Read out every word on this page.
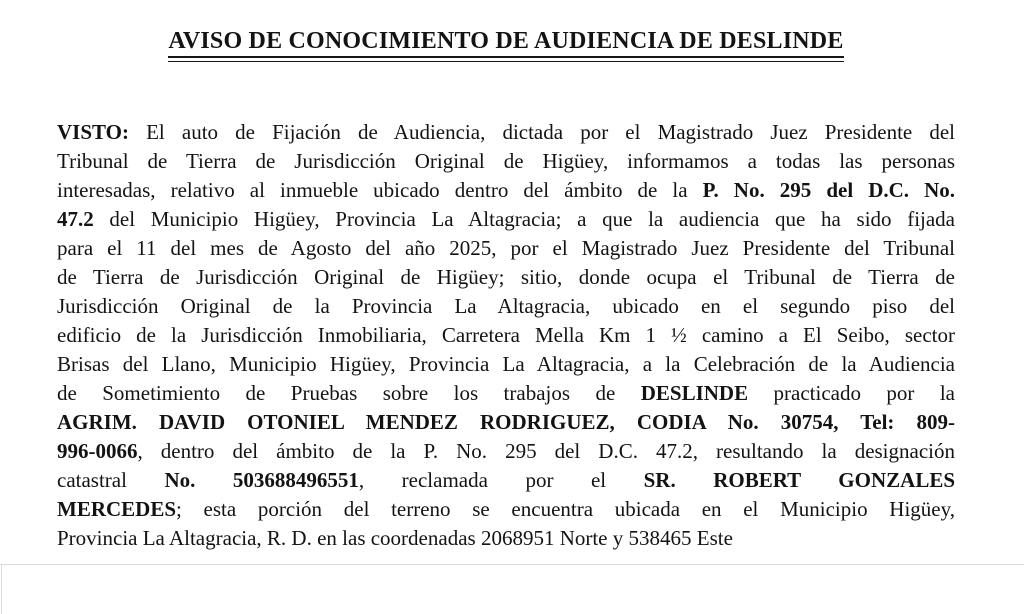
AVISO DE CONOCIMIENTO DE AUDIENCIA DE DESLINDE
VISTO: El auto de Fijación de Audiencia, dictada por el Magistrado Juez Presidente del
Tribunal de Tierra de Jurisdicción Original de Higüey, informamos a todas las personas
interesadas, relativo al inmueble ubicado dentro del ámbito de la P. No. 295 del D.C. No.
47.2 del Municipio Higüey, Provincia La Altagracia; a que la audiencia que ha sido fijada
para el 11 del mes de Agosto del año 2025, por el Magistrado Juez Presidente del Tribunal
de Tierra de Jurisdicción Original de Higüey; sitio, donde ocupa el Tribunal de Tierra de
Jurisdicción Original de la Provincia La Altagracia, ubicado en el segundo piso del
edificio de la Jurisdicción Inmobiliaria, Carretera Mella Km 1 ½ camino a El Seibo, sector
Brisas del Llano, Municipio Higüey, Provincia La Altagracia, a la Celebración de la Audiencia
de Sometimiento de Pruebas sobre los trabajos de DESLINDE practicado por la
AGRIM. DAVID OTONIEL MENDEZ RODRIGUEZ, CODIA No. 30754, Tel: 809-
996-0066, dentro del ámbito de la P. No. 295 del D.C. 47.2, resultando la designación
catastral No. 503688496551, reclamada por el SR. ROBERT GONZALES
MERCEDES; esta porción del terreno se encuentra ubicada en el Municipio Higüey,
Provincia La Altagracia, R. D. en las coordenadas 2068951 Norte y 538465 Este
